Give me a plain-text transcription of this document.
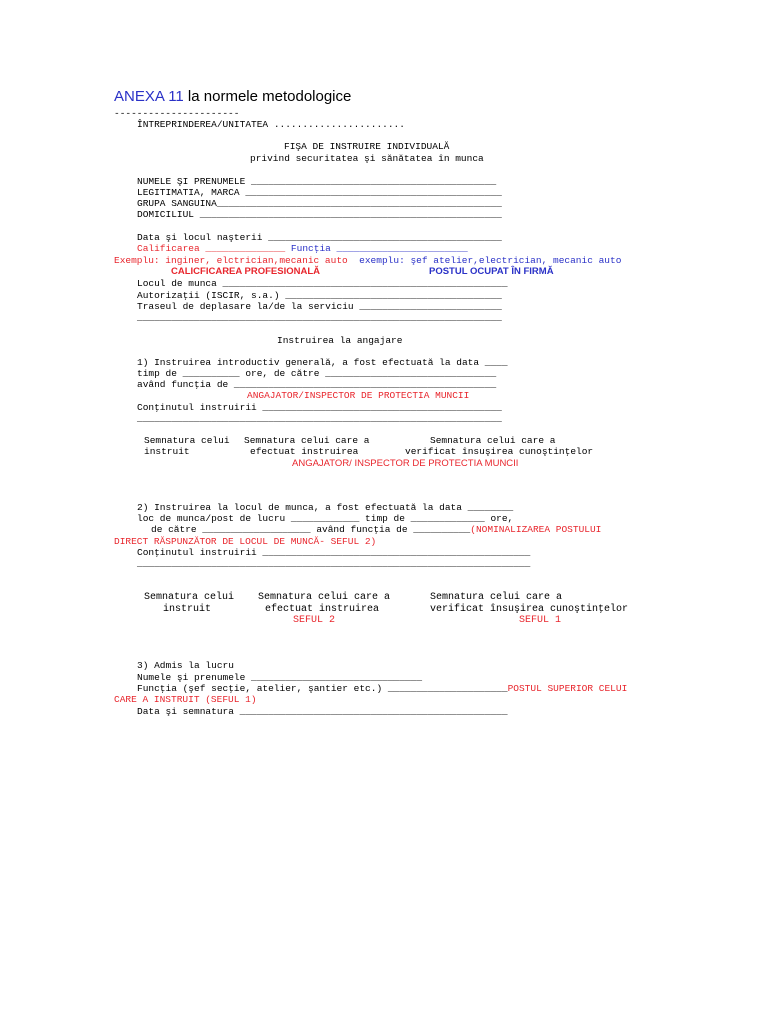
ANEXA 11 la normele metodologice
----------------------
ÎNTREPRINDEREA/UNITATEA .......................
FIŞA DE INSTRUIRE INDIVIDUALĂ
privind securitatea şi sănătatea în munca
NUMELE ŞI PRENUMELE ___________________________________________
LEGITIMATIA, MARCA _____________________________________________
GRUPA SANGUINA__________________________________________________
DOMICILIUL _____________________________________________________
Data şi locul naşterii _________________________________________
Calificarea ______________ Funcţia _______________________
Exemplu: inginer, elctrician,mecanic auto exemplu: şef atelier,electrician, mecanic auto
CALICFICAREA PROFESIONALĂ	POSTUL OCUPAT ÎN FIRMĂ
Locul de munca __________________________________________________
Autorizaţii (ISCIR, s.a.) ______________________________________
Traseul de deplasare la/de la serviciu _________________________
________________________________________________________________
Instruirea la angajare
1) Instruirea introductiv generală, a fost efectuată la data ____
timp de __________ ore, de către ______________________________
având funcţia de ______________________________________________
ANGAJATOR/INSPECTOR DE PROTECTIA MUNCII
Conţinutul instruirii __________________________________________
________________________________________________________________
Semnatura celui
instruit
Semnatura celui care a
efectuat instruirea
Semnatura celui care a
verificat însuşirea cunoştinţelor
ANGAJATOR/ INSPECTOR DE PROTECTIA MUNCII
2) Instruirea la locul de munca, a fost efectuată la data ________
loc de munca/post de lucru ____________ timp de _____________ ore,
de către ___________________ având funcţia de __________(NOMINALIZAREA POSTULUI
DIRECT RĂSPUNZĂTOR DE LOCUL DE MUNCĂ- SEFUL 2)
Conţinutul instruirii _______________________________________________
_____________________________________________________________________
Semnatura celui
instruit
Semnatura celui care a
efectuat instruirea
Semnatura celui care a
verificat însuşirea cunoştinţelor
SEFUL 2	SEFUL 1
3) Admis la lucru
Numele şi prenumele ______________________________
Funcţia (şef secţie, atelier, şantier etc.) _____________________POSTUL SUPERIOR CELUI
CARE A INSTRUIT (SEFUL 1)
Data şi semnatura _______________________________________________
